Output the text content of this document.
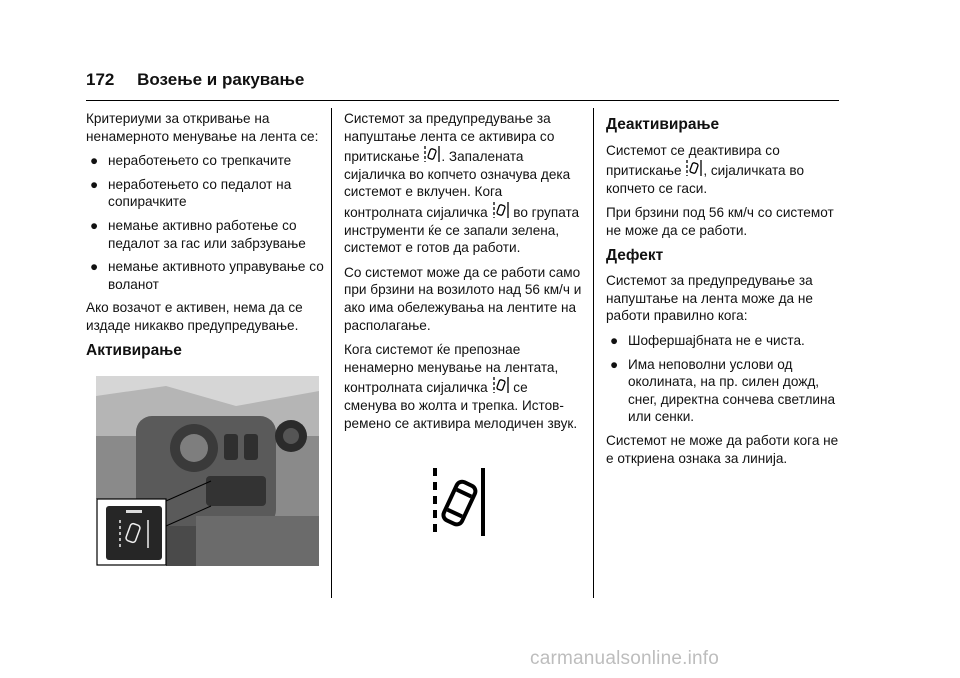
172 Возење и ракување

Критериуми за откривање на ненамерното менување на лента се:

● неработењето со трепкачите
● неработењето со педалот на сопирачките
● немање активно работење со педалот за гас или забрзување
● немање активното управување со воланот

Ако возачот е активен, нема да се издаде никакво предупредување.

Активирање

Системот за предупредување за напуштање лента се активира со притискање . Запалената сијаличка во копчето означува дека системот е вклучен. Кога контролната сијаличка во групата инструменти ќе се запали зелена, системот е готов да работи.

Со системот може да се работи само при брзини на возилото над 56 км/ч и ако има обележувања на лентите на располагање.

Кога системот ќе препознае ненамерно менување на лентата, контролната сијаличка се сменува во жолта и трепка. Истов-ремено се активира мелодичен звук.

Деактивирање

Системот се деактивира со притискање , сијаличката во копчето се гаси.

При брзини под 56 км/ч со системот не може да се работи.

Дефект

Системот за предупредување за напуштање на лента може да не работи правилно кога:

● Шофершајбната не е чиста.
● Има неповолни услови од околината, на пр. силен дожд, снег, директна сончева светлина или сенки.

Системот не може да работи кога не е откриена ознака за линија.

carmanualsonline.info
